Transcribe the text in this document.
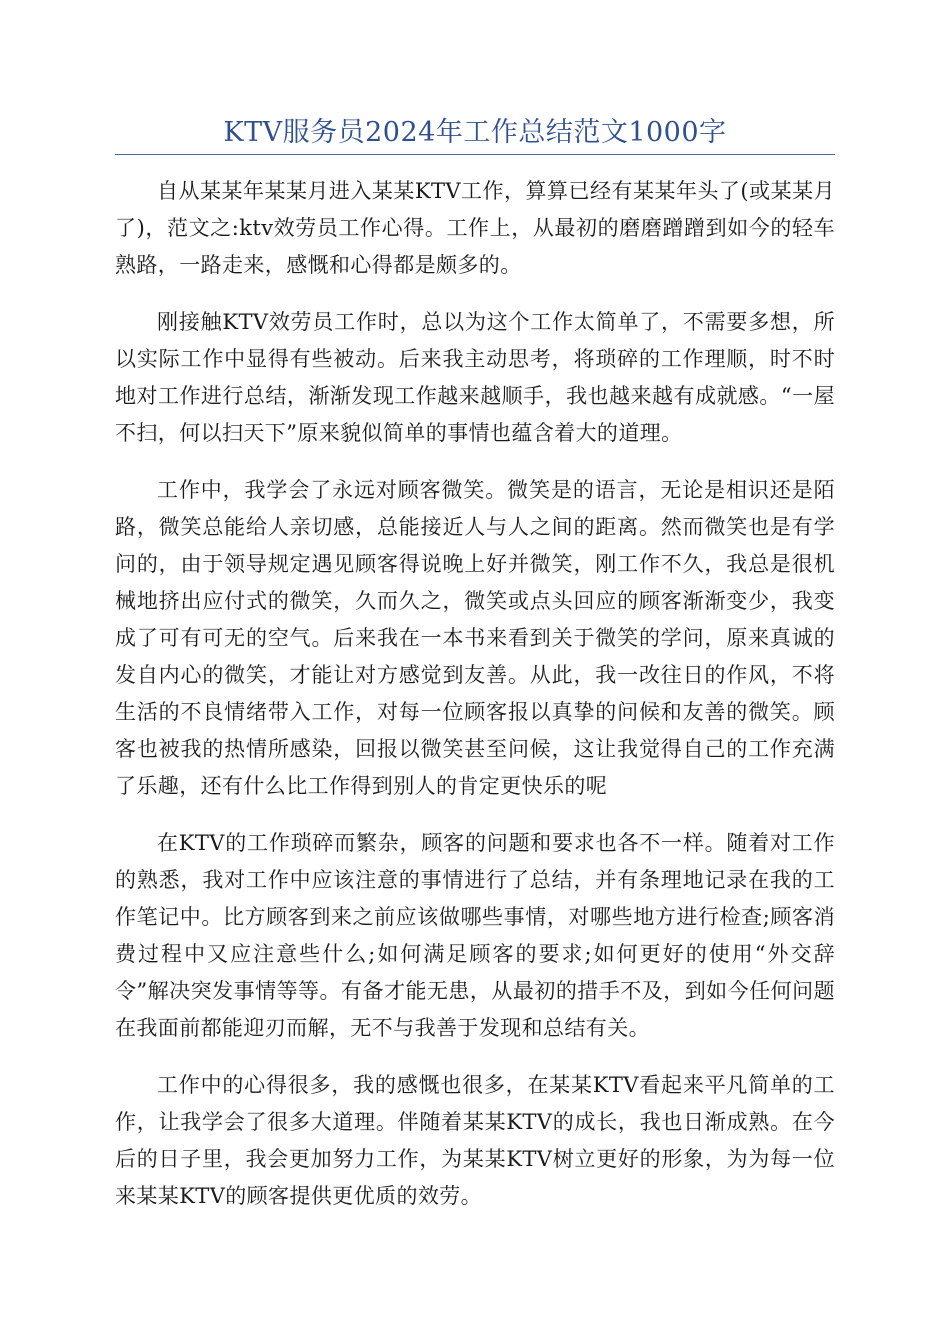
KTV服务员2024年工作总结范文1000字

自从某某年某某月进入某某KTV工作，算算已经有某某年头了(或某某月了)，范文之:ktv效劳员工作心得。工作上，从最初的磨磨蹭蹭到如今的轻车熟路，一路走来，感慨和心得都是颇多的。

刚接触KTV效劳员工作时，总以为这个工作太简单了，不需要多想，所以实际工作中显得有些被动。后来我主动思考，将琐碎的工作理顺，时不时地对工作进行总结，渐渐发现工作越来越顺手，我也越来越有成就感。“一屋不扫，何以扫天下”原来貌似简单的事情也蕴含着大的道理。

工作中，我学会了永远对顾客微笑。微笑是的语言，无论是相识还是陌路，微笑总能给人亲切感，总能接近人与人之间的距离。然而微笑也是有学问的，由于领导规定遇见顾客得说晚上好并微笑，刚工作不久，我总是很机械地挤出应付式的微笑，久而久之，微笑或点头回应的顾客渐渐变少，我变成了可有可无的空气。后来我在一本书来看到关于微笑的学问，原来真诚的发自内心的微笑，才能让对方感觉到友善。从此，我一改往日的作风，不将生活的不良情绪带入工作，对每一位顾客报以真挚的问候和友善的微笑。顾客也被我的热情所感染，回报以微笑甚至问候，这让我觉得自己的工作充满了乐趣，还有什么比工作得到别人的肯定更快乐的呢

在KTV的工作琐碎而繁杂，顾客的问题和要求也各不一样。随着对工作的熟悉，我对工作中应该注意的事情进行了总结，并有条理地记录在我的工作笔记中。比方顾客到来之前应该做哪些事情，对哪些地方进行检查;顾客消费过程中又应注意些什么;如何满足顾客的要求;如何更好的使用“外交辞令”解决突发事情等等。有备才能无患，从最初的措手不及，到如今任何问题在我面前都能迎刃而解，无不与我善于发现和总结有关。

工作中的心得很多，我的感慨也很多，在某某KTV看起来平凡简单的工作，让我学会了很多大道理。伴随着某某KTV的成长，我也日渐成熟。在今后的日子里，我会更加努力工作，为某某KTV树立更好的形象，为为每一位来某某KTV的顾客提供更优质的效劳。
